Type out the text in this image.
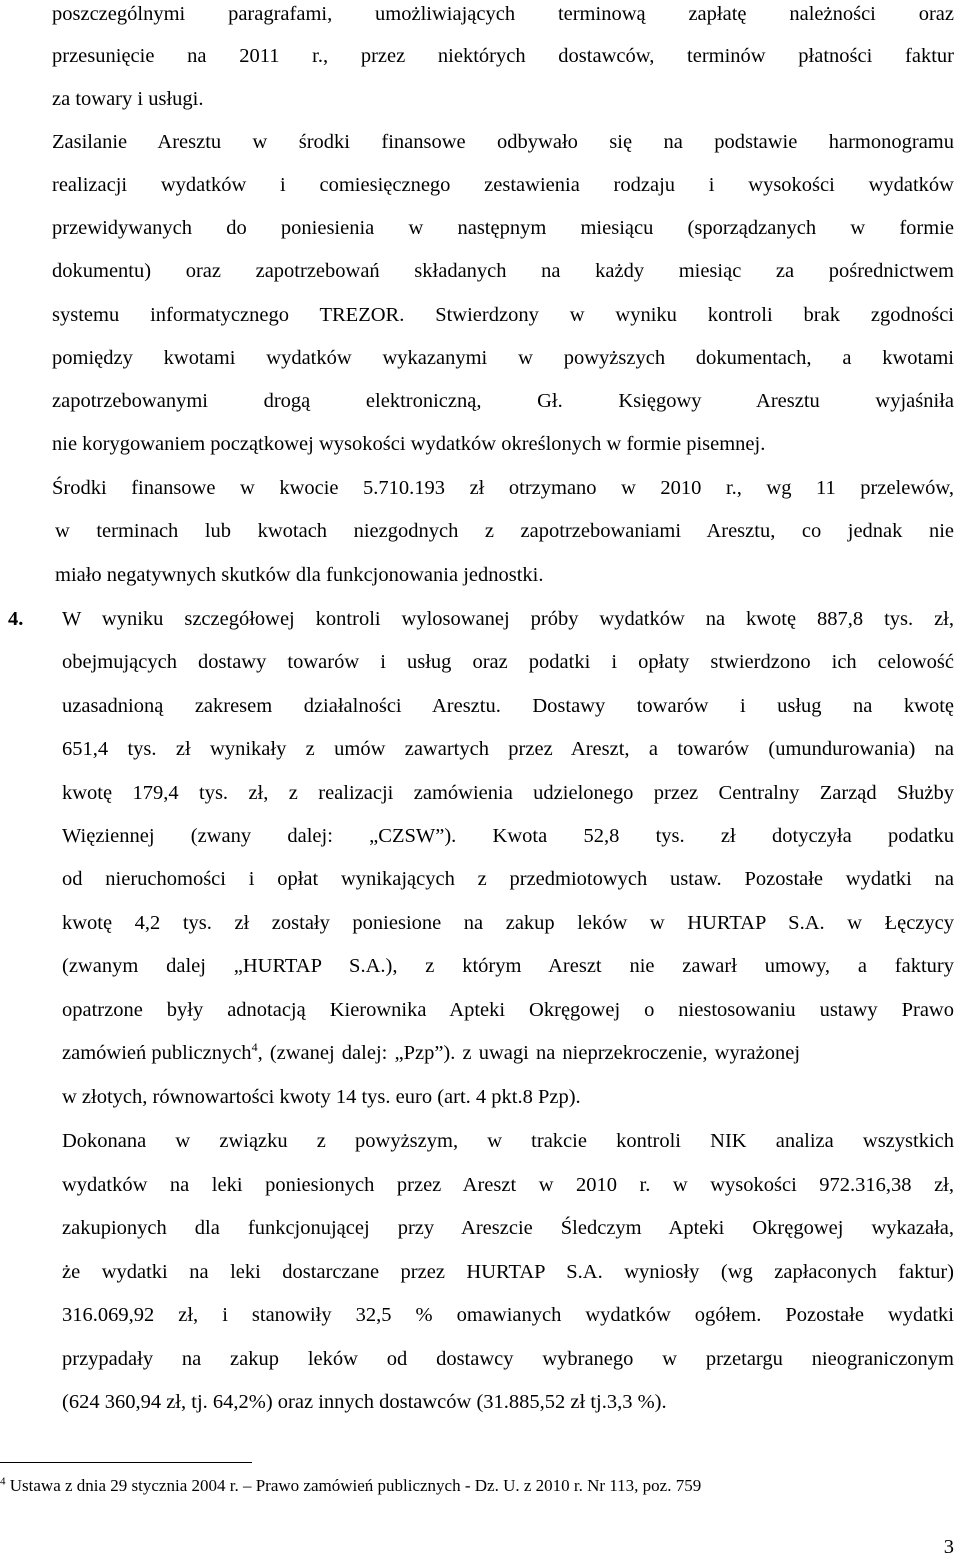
poszczególnymi paragrafami, umożliwiających terminową zapłatę należności oraz
przesunięcie na 2011 r., przez niektórych dostawców, terminów płatności faktur
za towary i usługi.
Zasilanie Aresztu w środki finansowe odbywało się na podstawie harmonogramu
realizacji wydatków i comiesięcznego zestawienia rodzaju i wysokości wydatków
przewidywanych do poniesienia w następnym miesiącu (sporządzanych w formie
dokumentu) oraz zapotrzebowań składanych na każdy miesiąc za pośrednictwem
systemu informatycznego TREZOR. Stwierdzony w wyniku kontroli brak zgodności
pomiędzy kwotami wydatków wykazanymi w powyższych dokumentach, a kwotami
zapotrzebowanymi drogą elektroniczną, Gł. Księgowy Aresztu wyjaśniła
nie korygowaniem początkowej wysokości wydatków określonych w formie pisemnej.
Środki finansowe w kwocie 5.710.193 zł otrzymano w 2010 r., wg 11 przelewów,
w terminach lub kwotach niezgodnych z zapotrzebowaniami Aresztu, co jednak nie
miało negatywnych skutków dla funkcjonowania jednostki.
4. W wyniku szczegółowej kontroli wylosowanej próby wydatków na kwotę 887,8 tys. zł,
obejmujących dostawy towarów i usług oraz podatki i opłaty stwierdzono ich celowość
uzasadnioną zakresem działalności Aresztu. Dostawy towarów i usług na kwotę
651,4 tys. zł wynikały z umów zawartych przez Areszt, a towarów (umundurowania) na
kwotę 179,4 tys. zł, z realizacji zamówienia udzielonego przez Centralny Zarząd Służby
Więziennej (zwany dalej: „CZSW”). Kwota 52,8 tys. zł dotyczyła podatku
od nieruchomości i opłat wynikających z przedmiotowych ustaw. Pozostałe wydatki na
kwotę 4,2 tys. zł zostały poniesione na zakup leków w HURTAP S.A. w Łęczycy
(zwanym dalej „HURTAP S.A.), z którym Areszt nie zawarł umowy, a faktury
opatrzone były adnotacją Kierownika Apteki Okręgowej o niestosowaniu ustawy Prawo
zamówień publicznych$^4$, (zwanej dalej: „Pzp”). z uwagi na nieprzekroczenie, wyrażonej
w złotych, równowartości kwoty 14 tys. euro (art. 4 pkt.8 Pzp).
Dokonana w związku z powyższym, w trakcie kontroli NIK analiza wszystkich
wydatków na leki poniesionych przez Areszt w 2010 r. w wysokości 972.316,38 zł,
zakupionych dla funkcjonującej przy Areszcie Śledczym Apteki Okręgowej wykazała,
że wydatki na leki dostarczane przez HURTAP S.A. wyniosły (wg zapłaconych faktur)
316.069,92 zł, i stanowiły 32,5 % omawianych wydatków ogółem. Pozostałe wydatki
przypadały na zakup leków od dostawcy wybranego w przetargu nieograniczonym
(624 360,94 zł, tj. 64,2%) oraz innych dostawców (31.885,52 zł tj.3,3 %).
$^4$ Ustawa z dnia 29 stycznia 2004 r. – Prawo zamówień publicznych - Dz. U. z 2010 r. Nr 113, poz. 759
3
